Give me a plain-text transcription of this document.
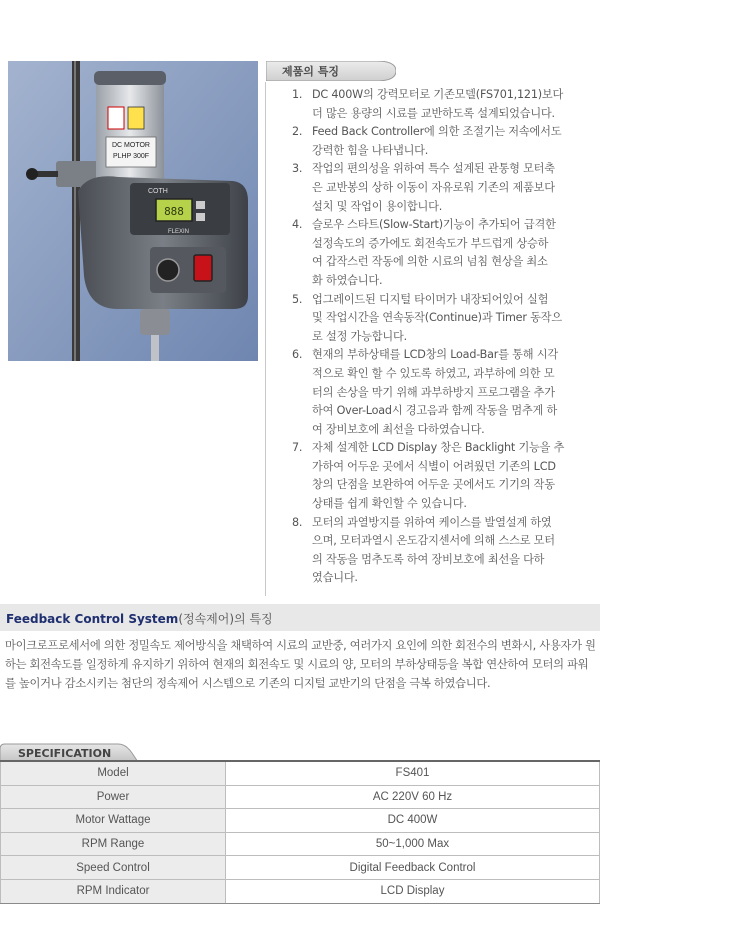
DC MOTOR
PLHP 300F
COTH
888
FLEXIN
제품의 특징
1. DC 400W의 강력모터로 기존모델(FS701,121)보다
더 많은 용량의 시료를 교반하도록 설계되었습니다.

2. Feed Back Controller에 의한 조절기는 저속에서도
강력한 힘을 나타냅니다.

3. 작업의 편의성을 위하여 특수 설계된 관통형 모터축
은 교반봉의 상하 이동이 자유로워 기존의 제품보다
설치 및 작업이 용이합니다.

4. 슬로우 스타트(Slow-Start)기능이 추가되어 급격한
설정속도의 증가에도 회전속도가 부드럽게 상승하
여 갑작스런 작동에 의한 시료의 넘침 현상을 최소
화 하였습니다.

5. 업그레이드된 디지털 타이머가 내장되어있어 실험
및 작업시간을 연속동작(Continue)과 Timer 동작으
로 설정 가능합니다.

6. 현재의 부하상태를 LCD창의 Load-Bar를 통해 시각
적으로 확인 할 수 있도록 하였고, 과부하에 의한 모
터의 손상을 막기 위해 과부하방지 프로그램을 추가
하여 Over-Load시 경고음과 함께 작동을 멈추게 하
여 장비보호에 최선을 다하였습니다.

7. 자체 설계한 LCD Display 창은 Backlight 기능을 추
가하여 어두운 곳에서 식별이 어려웠던 기존의 LCD
창의 단점을 보완하여 어두운 곳에서도 기기의 작동
상태를 쉽게 확인할 수 있습니다.

8. 모터의 과열방지를 위하여 케이스를 발열설계 하였
으며, 모터과열시 온도감지센서에 의해 스스로 모터
의 작동을 멈추도록 하여 장비보호에 최선을 다하
였습니다.

Feedback Control System(정속제어)의 특징

마이크로프로세서에 의한 정밀속도 제어방식을 채택하여 시료의 교반중, 여러가지 요인에 의한 회전수의 변화시, 사용자가 원하는 회전속도를 일정하게 유지하기 위하여 현재의 회전속도 및 시료의 양, 모터의 부하상태등을 복합 연산하여 모터의 파워를 높이거나 감소시키는 첨단의 정속제어 시스템으로 기존의 디지털 교반기의 단점을 극복 하였습니다.

SPECIFICATION
Model	FS401
Power	AC 220V 60 Hz
Motor Wattage	DC 400W
RPM Range	50~1,000 Max
Speed Control	Digital Feedback Control
RPM Indicator	LCD Display
